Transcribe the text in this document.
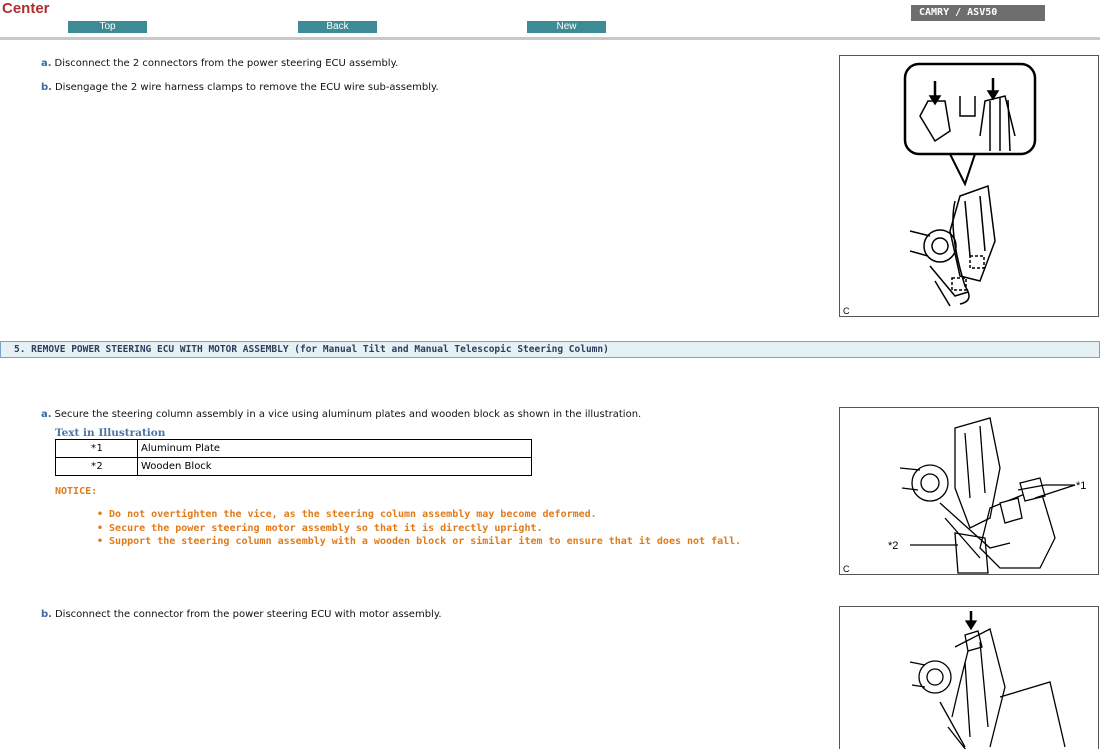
Center
Top	Back	New
CAMRY / ASV50
a. Disconnect the 2 connectors from the power steering ECU assembly.
b. Disengage the 2 wire harness clamps to remove the ECU wire sub-assembly.
C
5. REMOVE POWER STEERING ECU WITH MOTOR ASSEMBLY (for Manual Tilt and Manual Telescopic Steering Column)
a. Secure the steering column assembly in a vice using aluminum plates and wooden block as shown in the illustration.
Text in Illustration
*1	Aluminum Plate
*2	Wooden Block
NOTICE:
• Do not overtighten the vice, as the steering column assembly may become deformed.
• Secure the power steering motor assembly so that it is directly upright.
• Support the steering column assembly with a wooden block or similar item to ensure that it does not fall.
*1
*2
C
b. Disconnect the connector from the power steering ECU with motor assembly.
